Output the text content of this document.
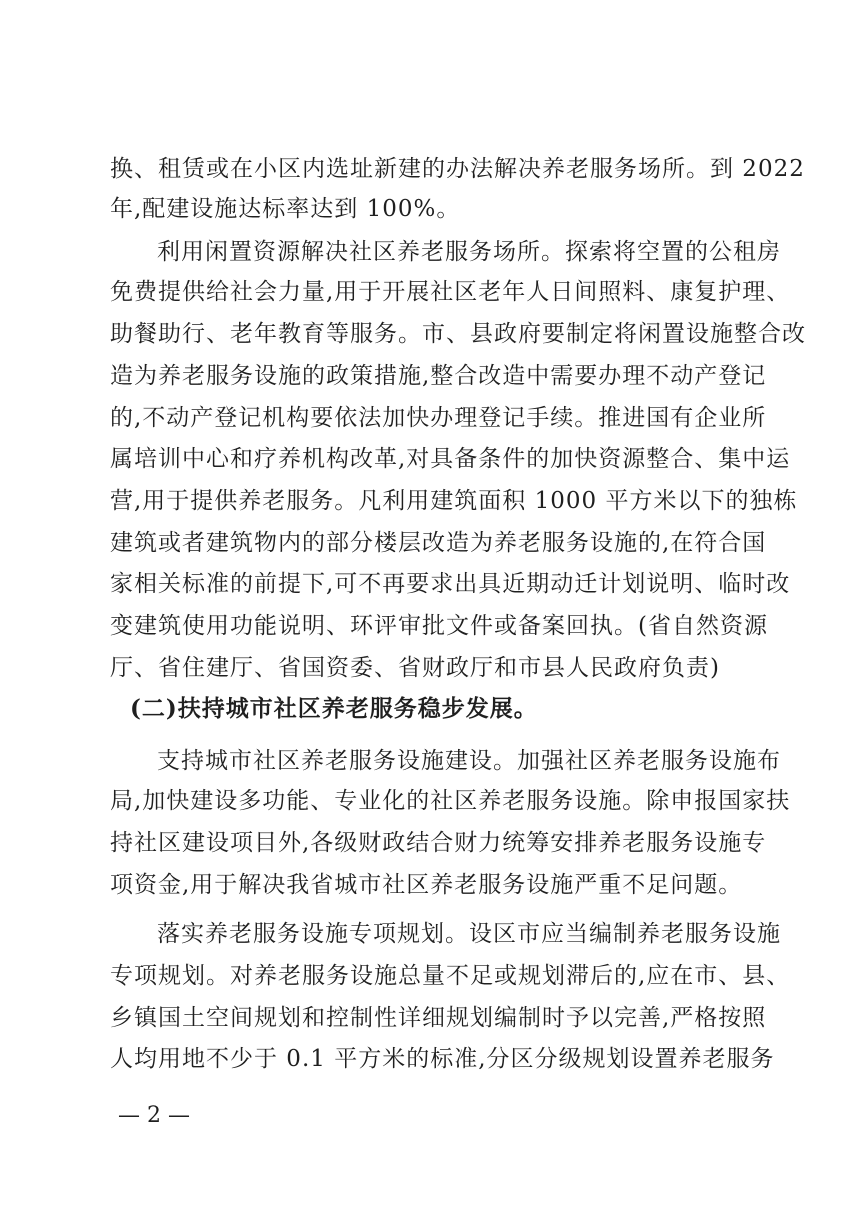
换、租赁或在小区内选址新建的办法解决养老服务场所。到 2022
年,配建设施达标率达到 100%。
利用闲置资源解决社区养老服务场所。探索将空置的公租房
免费提供给社会力量,用于开展社区老年人日间照料、康复护理、
助餐助行、老年教育等服务。市、县政府要制定将闲置设施整合改
造为养老服务设施的政策措施,整合改造中需要办理不动产登记
的,不动产登记机构要依法加快办理登记手续。推进国有企业所
属培训中心和疗养机构改革,对具备条件的加快资源整合、集中运
营,用于提供养老服务。凡利用建筑面积 1000 平方米以下的独栋
建筑或者建筑物内的部分楼层改造为养老服务设施的,在符合国
家相关标准的前提下,可不再要求出具近期动迁计划说明、临时改
变建筑使用功能说明、环评审批文件或备案回执。(省自然资源
厅、省住建厅、省国资委、省财政厅和市县人民政府负责)
(二)扶持城市社区养老服务稳步发展。
支持城市社区养老服务设施建设。加强社区养老服务设施布
局,加快建设多功能、专业化的社区养老服务设施。除申报国家扶
持社区建设项目外,各级财政结合财力统筹安排养老服务设施专
项资金,用于解决我省城市社区养老服务设施严重不足问题。
落实养老服务设施专项规划。设区市应当编制养老服务设施
专项规划。对养老服务设施总量不足或规划滞后的,应在市、县、
乡镇国土空间规划和控制性详细规划编制时予以完善,严格按照
人均用地不少于 0.1 平方米的标准,分区分级规划设置养老服务
— 2 —
